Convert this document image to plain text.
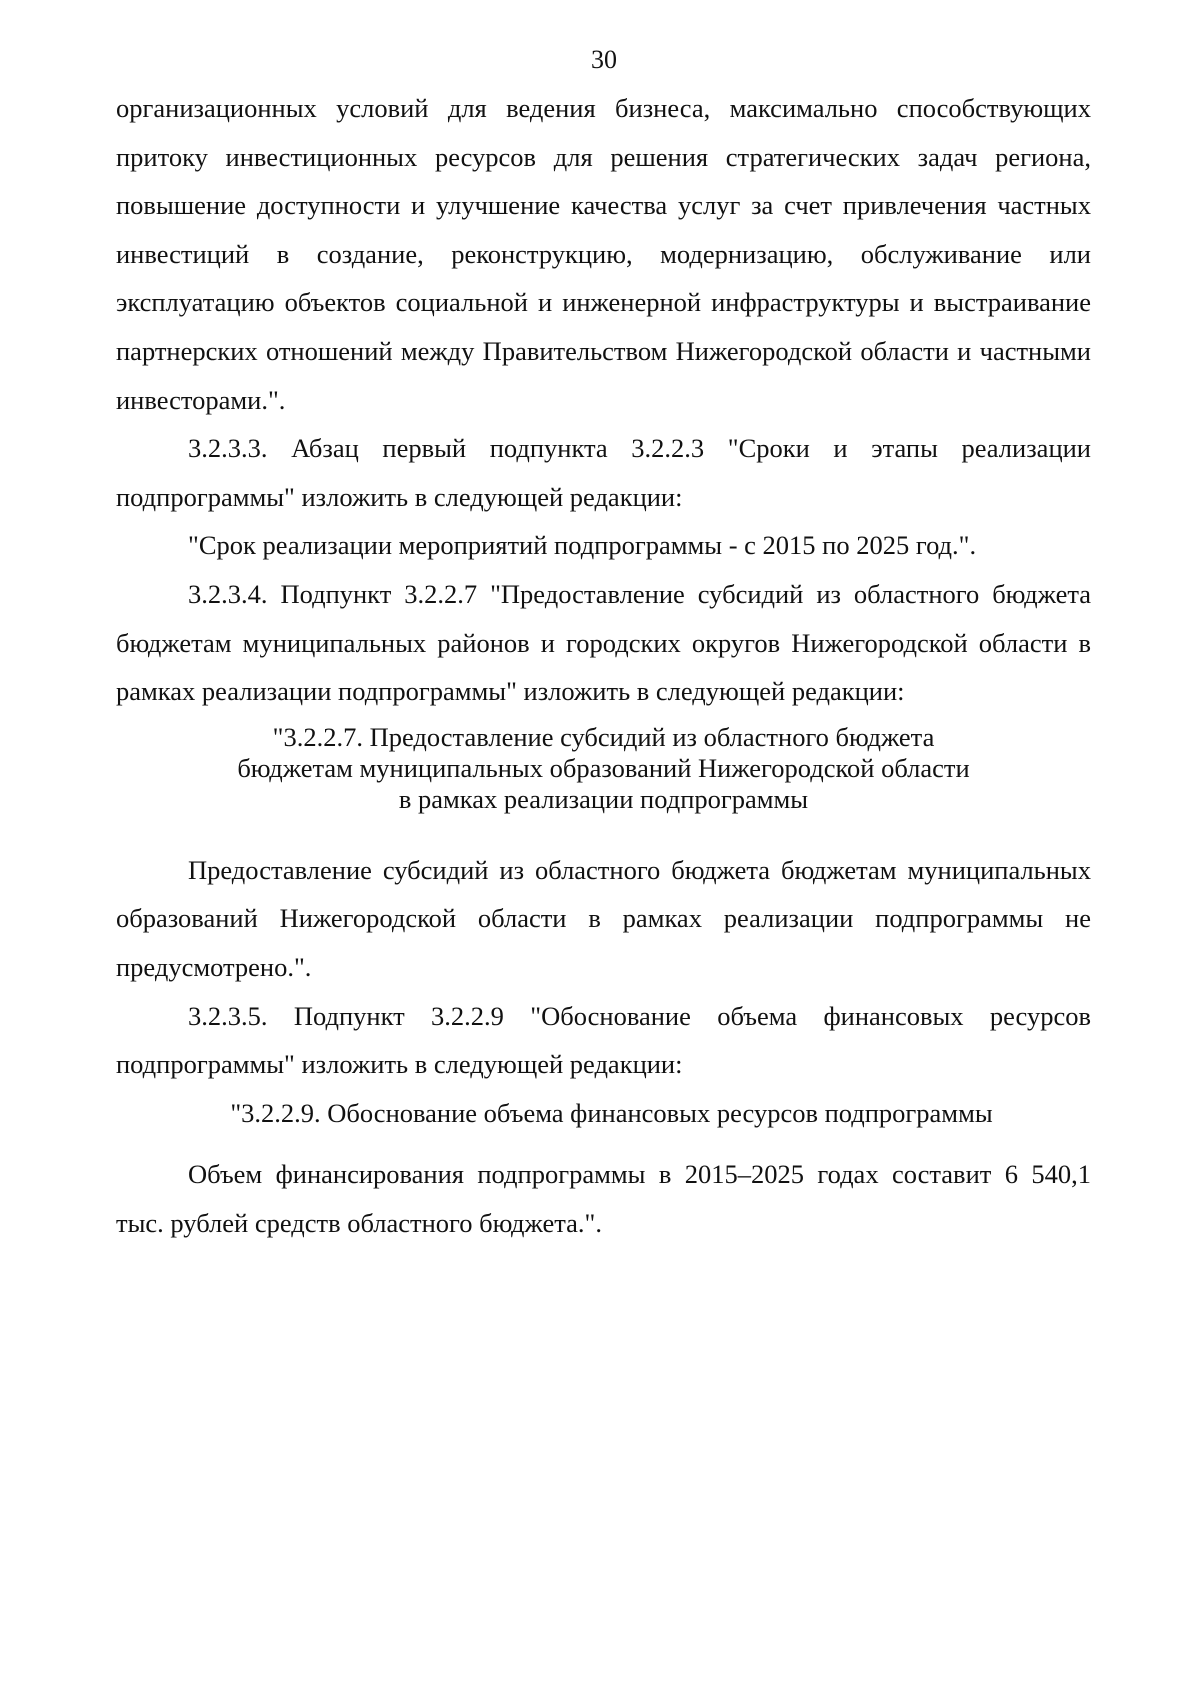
30

организационных условий для ведения бизнеса, максимально способствующих притоку инвестиционных ресурсов для решения стратегических задач региона, повышение доступности и улучшение качества услуг за счет привлечения частных инвестиций в создание, реконструкцию, модернизацию, обслуживание или эксплуатацию объектов социальной и инженерной инфраструктуры и выстраивание партнерских отношений между Правительством Нижегородской области и частными инвесторами.".

3.2.3.3. Абзац первый подпункта 3.2.2.3 "Сроки и этапы реализации подпрограммы" изложить в следующей редакции:

"Срок реализации мероприятий подпрограммы - с 2015 по 2025 год.".

3.2.3.4. Подпункт 3.2.2.7 "Предоставление субсидий из областного бюджета бюджетам муниципальных районов и городских округов Нижегородской области в рамках реализации подпрограммы" изложить в следующей редакции:

"3.2.2.7. Предоставление субсидий из областного бюджета
бюджетам муниципальных образований Нижегородской области
в рамках реализации подпрограммы

Предоставление субсидий из областного бюджета бюджетам муниципальных образований Нижегородской области в рамках реализации подпрограммы не предусмотрено.".

3.2.3.5. Подпункт 3.2.2.9 "Обоснование объема финансовых ресурсов подпрограммы" изложить в следующей редакции:

"3.2.2.9. Обоснование объема финансовых ресурсов подпрограммы

Объем финансирования подпрограммы в 2015–2025 годах составит 6 540,1 тыс. рублей средств областного бюджета.".
